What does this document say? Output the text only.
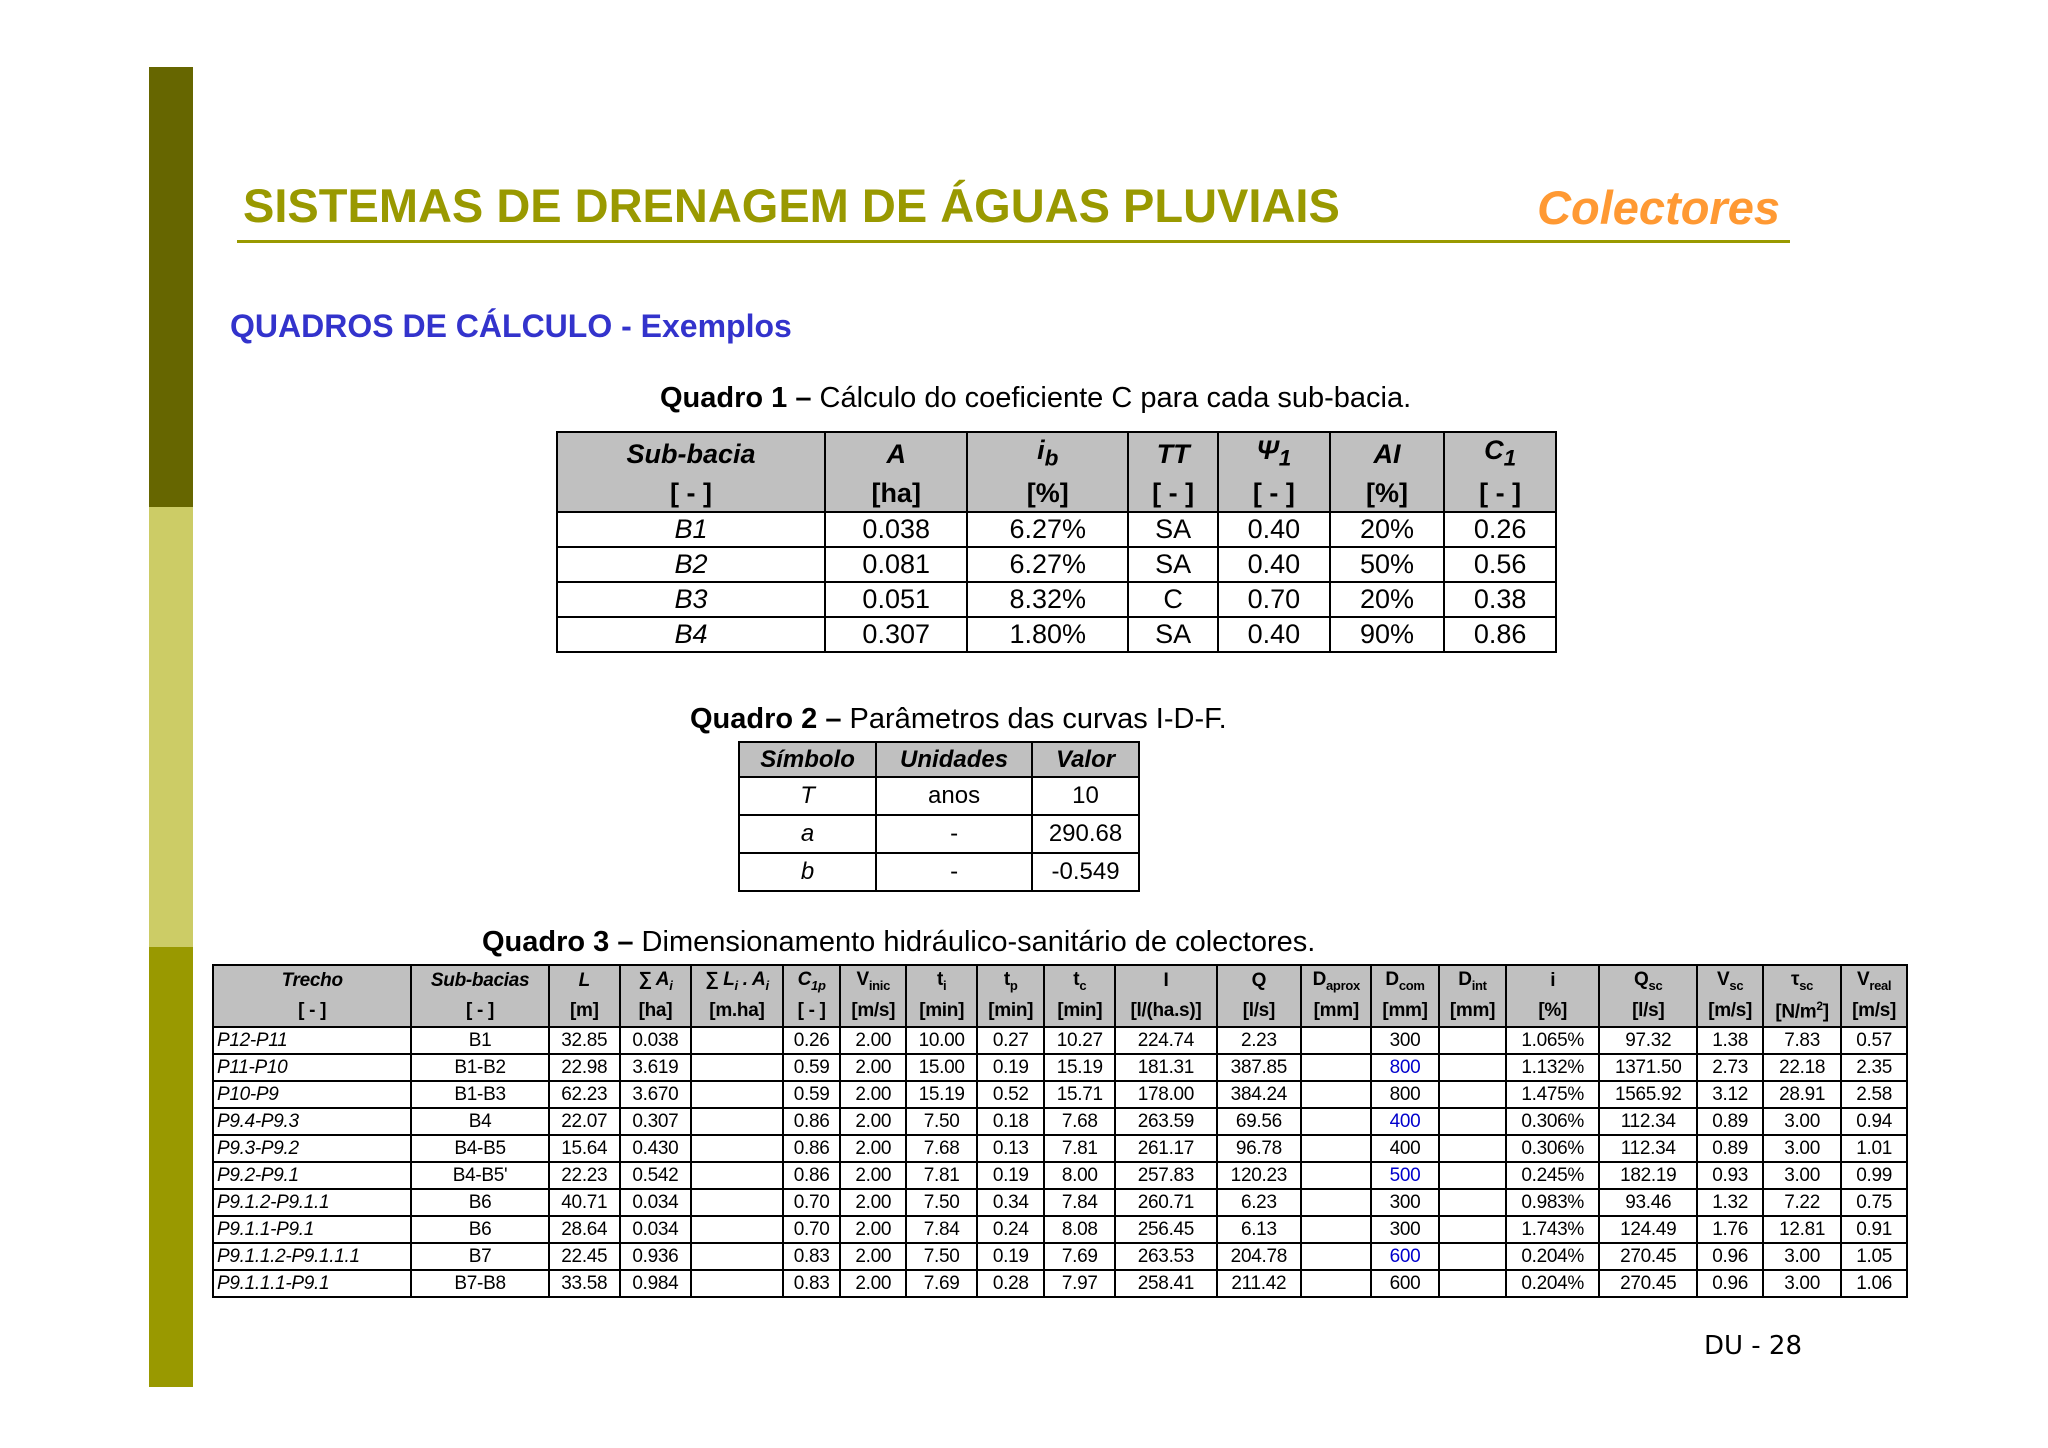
SISTEMAS DE DRENAGEM DE ÁGUAS PLUVIAIS	Colectores
QUADROS DE CÁLCULO - Exemplos
Quadro 1 – Cálculo do coeficiente C para cada sub-bacia.
Sub-bacia	A	$i_b$	TT	$\Psi_1$	AI	$C_1$
[ - ]	[ha]	[%]	[ - ]	[ - ]	[%]	[ - ]
B1	0.038	6.27%	SA	0.40	20%	0.26
B2	0.081	6.27%	SA	0.40	50%	0.56
B3	0.051	8.32%	C	0.70	20%	0.38
B4	0.307	1.80%	SA	0.40	90%	0.86
Quadro 2 – Parâmetros das curvas I-D-F.
Símbolo	Unidades	Valor
T	anos	10
a	-	290.68
b	-	-0.549
Quadro 3 – Dimensionamento hidráulico-sanitário de colectores.
Trecho	Sub-bacias	L	∑ $A_i$	∑ $L_i$ . $A_i$	$C_{1p}$	$V_{inic}$	$t_i$	$t_p$	$t_c$	I	Q	$D_{aprox}$	$D_{com}$	$D_{int}$	i	$Q_{sc}$	$V_{sc}$	$\tau_{sc}$	$V_{real}$
[ - ]	[ - ]	[m]	[ha]	[m.ha]	[ - ]	[m/s]	[min]	[min]	[min]	[l/(ha.s)]	[l/s]	[mm]	[mm]	[mm]	[%]	[l/s]	[m/s]	$[N/m^2]$	[m/s]
P12-P11	B1	32.85	0.038		0.26	2.00	10.00	0.27	10.27	224.74	2.23		300		1.065%	97.32	1.38	7.83	0.57
P11-P10	B1-B2	22.98	3.619		0.59	2.00	15.00	0.19	15.19	181.31	387.85		800		1.132%	1371.50	2.73	22.18	2.35
P10-P9	B1-B3	62.23	3.670		0.59	2.00	15.19	0.52	15.71	178.00	384.24		800		1.475%	1565.92	3.12	28.91	2.58
P9.4-P9.3	B4	22.07	0.307		0.86	2.00	7.50	0.18	7.68	263.59	69.56		400		0.306%	112.34	0.89	3.00	0.94
P9.3-P9.2	B4-B5	15.64	0.430		0.86	2.00	7.68	0.13	7.81	261.17	96.78		400		0.306%	112.34	0.89	3.00	1.01
P9.2-P9.1	B4-B5'	22.23	0.542		0.86	2.00	7.81	0.19	8.00	257.83	120.23		500		0.245%	182.19	0.93	3.00	0.99
P9.1.2-P9.1.1	B6	40.71	0.034		0.70	2.00	7.50	0.34	7.84	260.71	6.23		300		0.983%	93.46	1.32	7.22	0.75
P9.1.1-P9.1	B6	28.64	0.034		0.70	2.00	7.84	0.24	8.08	256.45	6.13		300		1.743%	124.49	1.76	12.81	0.91
P9.1.1.2-P9.1.1.1	B7	22.45	0.936		0.83	2.00	7.50	0.19	7.69	263.53	204.78		600		0.204%	270.45	0.96	3.00	1.05
P9.1.1.1-P9.1	B7-B8	33.58	0.984		0.83	2.00	7.69	0.28	7.97	258.41	211.42		600		0.204%	270.45	0.96	3.00	1.06
DU - 28
